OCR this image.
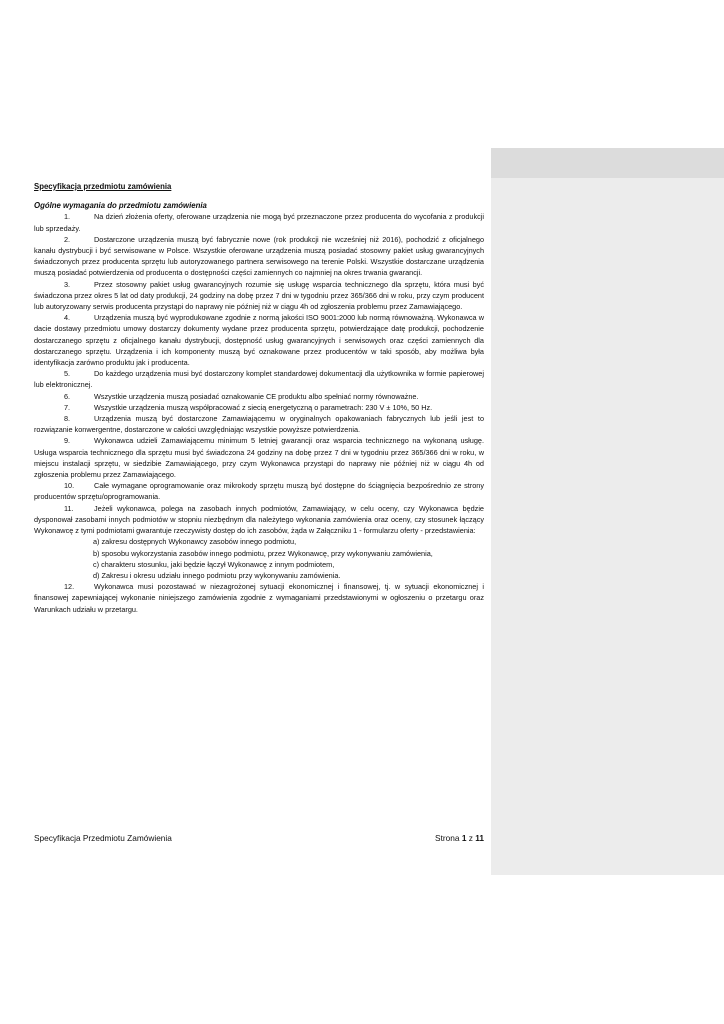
Specyfikacja przedmiotu zamówienia

Ogólne wymagania do przedmiotu zamówienia

1.	Na dzień złożenia oferty, oferowane urządzenia nie mogą być przeznaczone przez producenta do wycofania z produkcji lub sprzedaży.

2.	Dostarczone urządzenia muszą być fabrycznie nowe (rok produkcji nie wcześniej niż 2016), pochodzić z oficjalnego kanału dystrybucji i być serwisowane w Polsce. Wszystkie oferowane urządzenia muszą posiadać stosowny pakiet usług gwarancyjnych świadczonych przez producenta sprzętu lub autoryzowanego partnera serwisowego na terenie Polski. Wszystkie dostarczane urządzenia muszą posiadać potwierdzenia od producenta o dostępności części zamiennych co najmniej na okres trwania gwarancji.

3.	Przez stosowny pakiet usług gwarancyjnych rozumie się usługę wsparcia technicznego dla sprzętu, która musi być świadczona przez okres 5 lat od daty produkcji, 24 godziny na dobę przez 7 dni w tygodniu przez 365/366 dni w roku, przy czym producent lub autoryzowany serwis producenta przystąpi do naprawy nie później niż w ciągu 4h od zgłoszenia problemu przez Zamawiającego.

4.	Urządzenia muszą być wyprodukowane zgodnie z normą jakości ISO 9001:2000 lub normą równoważną. Wykonawca w dacie dostawy przedmiotu umowy dostarczy dokumenty wydane przez producenta sprzętu, potwierdzające datę produkcji, pochodzenie dostarczanego sprzętu z oficjalnego kanału dystrybucji, dostępność usług gwarancyjnych i serwisowych oraz części zamiennych dla dostarczanego sprzętu. Urządzenia i ich komponenty muszą być oznakowane przez producentów w taki sposób, aby możliwa była identyfikacja zarówno produktu jak i producenta.

5.	Do każdego urządzenia musi być dostarczony komplet standardowej dokumentacji dla użytkownika w formie papierowej lub elektronicznej.

6.	Wszystkie urządzenia muszą posiadać oznakowanie CE produktu albo spełniać normy równoważne.

7.	Wszystkie urządzenia muszą współpracować z siecią energetyczną o parametrach: 230 V ± 10%, 50 Hz.

8.	Urządzenia muszą być dostarczone Zamawiającemu w oryginalnych opakowaniach fabrycznych lub jeśli jest to rozwiązanie konwergentne, dostarczone w całości uwzględniając wszystkie powyższe potwierdzenia.

9.	Wykonawca udzieli Zamawiającemu minimum 5 letniej gwarancji oraz wsparcia technicznego na wykonaną usługę. Usługa wsparcia technicznego dla sprzętu musi być świadczona 24 godziny na dobę przez 7 dni w tygodniu przez 365/366 dni w roku, w miejscu instalacji sprzętu, w siedzibie Zamawiającego, przy czym Wykonawca przystąpi do naprawy nie później niż w ciągu 4h od zgłoszenia problemu przez Zamawiającego.

10.	Całe wymagane oprogramowanie oraz mikrokody sprzętu muszą być dostępne do ściągnięcia bezpośrednio ze strony producentów sprzętu/oprogramowania.

11.	Jeżeli wykonawca, polega na zasobach innych podmiotów, Zamawiający, w celu oceny, czy Wykonawca będzie dysponował zasobami innych podmiotów w stopniu niezbędnym dla należytego wykonania zamówienia oraz oceny, czy stosunek łączący Wykonawcę z tymi podmiotami gwarantuje rzeczywisty dostęp do ich zasobów, żąda w Załączniku 1 - formularzu oferty - przedstawienia:

a) zakresu dostępnych Wykonawcy zasobów innego podmiotu,

b) sposobu wykorzystania zasobów innego podmiotu, przez Wykonawcę, przy wykonywaniu zamówienia,

c) charakteru stosunku, jaki będzie łączył Wykonawcę z innym podmiotem,

d) Zakresu i okresu udziału innego podmiotu przy wykonywaniu zamówienia.

12.	Wykonawca musi pozostawać w niezagrożonej sytuacji ekonomicznej i finansowej, tj. w sytuacji ekonomicznej i finansowej zapewniającej wykonanie niniejszego zamówienia zgodnie z wymaganiami przedstawionymi w ogłoszeniu o przetargu oraz Warunkach udziału w przetargu.

Specyfikacja Przedmiotu Zamówienia	Strona 1 z 11
